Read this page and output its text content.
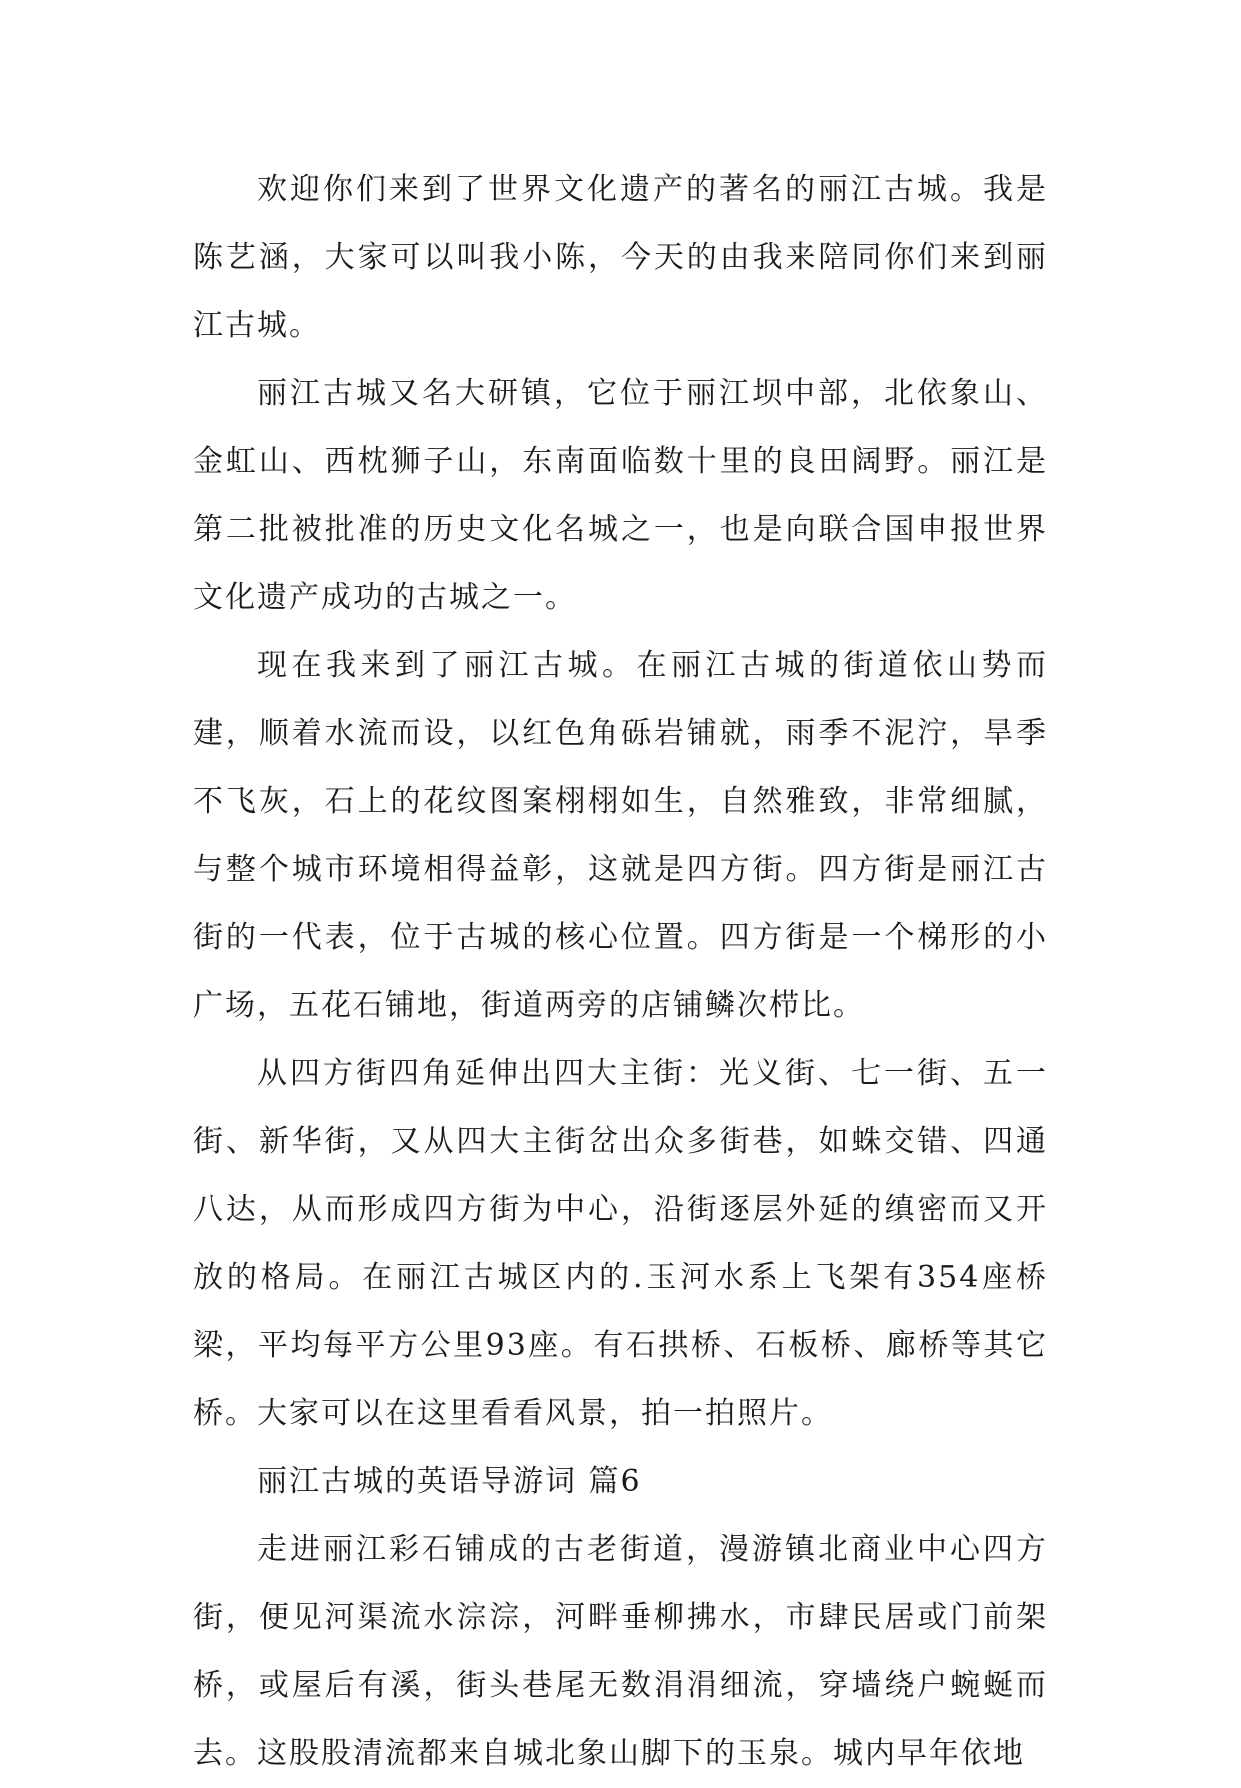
欢迎你们来到了世界文化遗产的著名的丽江古城。我是陈艺涵，大家可以叫我小陈，今天的由我来陪同你们来到丽江古城。

丽江古城又名大研镇，它位于丽江坝中部，北依象山、金虹山、西枕狮子山，东南面临数十里的良田阔野。丽江是第二批被批准的历史文化名城之一，也是向联合国申报世界文化遗产成功的古城之一。

现在我来到了丽江古城。在丽江古城的街道依山势而建，顺着水流而设，以红色角砾岩铺就，雨季不泥泞，旱季不飞灰，石上的花纹图案栩栩如生，自然雅致，非常细腻，与整个城市环境相得益彰，这就是四方街。四方街是丽江古街的一代表，位于古城的核心位置。四方街是一个梯形的小广场，五花石铺地，街道两旁的店铺鳞次栉比。

从四方街四角延伸出四大主街：光义街、七一街、五一街、新华街，又从四大主街岔出众多街巷，如蛛交错、四通八达，从而形成四方街为中心，沿街逐层外延的缜密而又开放的格局。在丽江古城区内的.玉河水系上飞架有354座桥梁，平均每平方公里93座。有石拱桥、石板桥、廊桥等其它桥。大家可以在这里看看风景，拍一拍照片。

丽江古城的英语导游词 篇6

走进丽江彩石铺成的古老街道，漫游镇北商业中心四方街，便见河渠流水淙淙，河畔垂柳拂水，市肆民居或门前架桥，或屋后有溪，街头巷尾无数涓涓细流，穿墙绕户蜿蜒而去。这股股清流都来自城北象山脚下的玉泉。城内早年依地
